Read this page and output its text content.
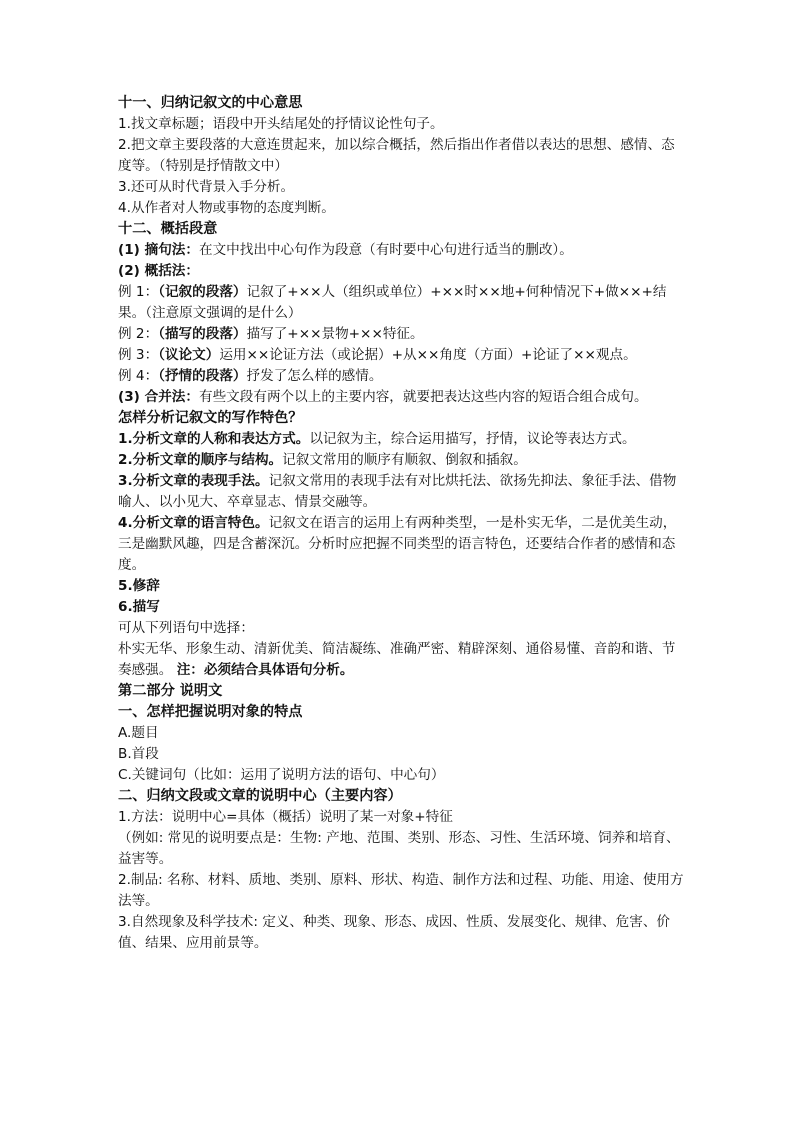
十一、归纳记叙文的中心意思

1.找文章标题；语段中开头结尾处的抒情议论性句子。

2.把文章主要段落的大意连贯起来，加以综合概括，然后指出作者借以表达的思想、感情、态度等。（特别是抒情散文中）

3.还可从时代背景入手分析。

4.从作者对人物或事物的态度判断。

十二、概括段意

(1) 摘句法：在文中找出中心句作为段意（有时要中心句进行适当的删改）。

(2) 概括法：

例 1：（记叙的段落）记叙了+××人（组织或单位）+××时××地+何种情况下+做××+结果。（注意原文强调的是什么）

例 2：（描写的段落）描写了+××景物+××特征。

例 3：（议论文）运用××论证方法（或论据）+从××角度（方面）+论证了××观点。

例 4：（抒情的段落）抒发了怎么样的感情。

(3) 合并法：有些文段有两个以上的主要内容，就要把表达这些内容的短语合组合成句。

怎样分析记叙文的写作特色？

1.分析文章的人称和表达方式。以记叙为主，综合运用描写，抒情，议论等表达方式。

2.分析文章的顺序与结构。记叙文常用的顺序有顺叙、倒叙和插叙。

3.分析文章的表现手法。记叙文常用的表现手法有对比烘托法、欲扬先抑法、象征手法、借物喻人、以小见大、卒章显志、情景交融等。

4.分析文章的语言特色。记叙文在语言的运用上有两种类型，一是朴实无华，二是优美生动，三是幽默风趣，四是含蓄深沉。分析时应把握不同类型的语言特色，还要结合作者的感情和态度。

5.修辞

6.描写

可从下列语句中选择：

朴实无华、形象生动、清新优美、简洁凝练、准确严密、精辟深刻、通俗易懂、音韵和谐、节奏感强。 注：必须结合具体语句分析。

第二部分 说明文

一、怎样把握说明对象的特点

A.题目

B.首段

C.关键词句（比如：运用了说明方法的语句、中心句）

二、归纳文段或文章的说明中心（主要内容）

1.方法：说明中心=具体（概括）说明了某一对象+特征

（例如: 常见的说明要点是：生物: 产地、范围、类别、形态、习性、生活环境、饲养和培育、益害等。

2.制品: 名称、材料、质地、类别、原料、形状、构造、制作方法和过程、功能、用途、使用方法等。

3.自然现象及科学技术: 定义、种类、现象、形态、成因、性质、发展变化、规律、危害、价值、结果、应用前景等。
